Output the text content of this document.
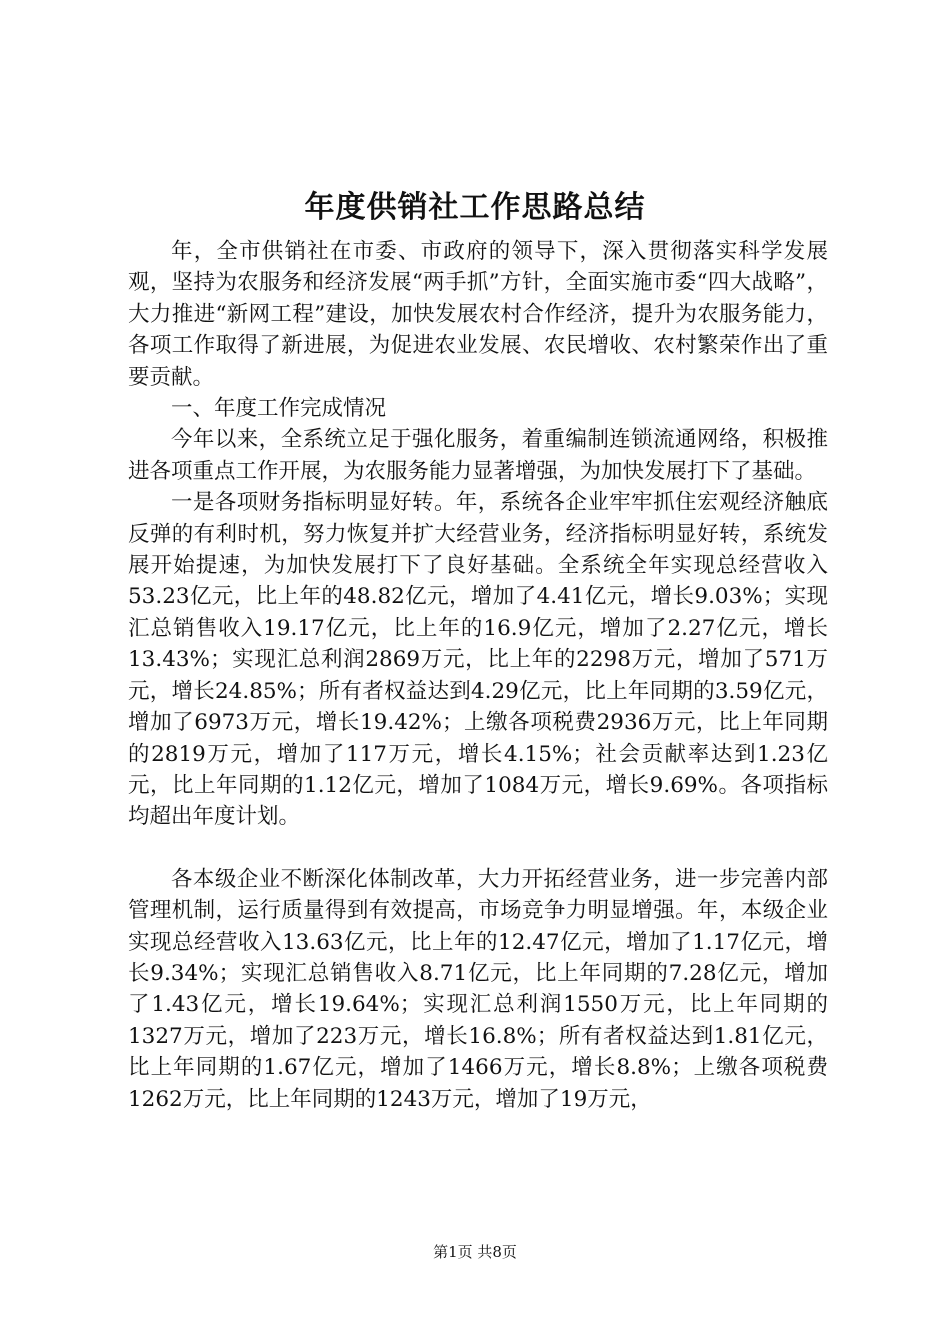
年度供销社工作思路总结

年，全市供销社在市委、市政府的领导下，深入贯彻落实科学发展观，坚持为农服务和经济发展“两手抓”方针，全面实施市委“四大战略”，大力推进“新网工程”建设，加快发展农村合作经济，提升为农服务能力，各项工作取得了新进展，为促进农业发展、农民增收、农村繁荣作出了重要贡献。

一、年度工作完成情况

今年以来，全系统立足于强化服务，着重编制连锁流通网络，积极推进各项重点工作开展，为农服务能力显著增强，为加快发展打下了基础。

一是各项财务指标明显好转。年，系统各企业牢牢抓住宏观经济触底反弹的有利时机，努力恢复并扩大经营业务，经济指标明显好转，系统发展开始提速，为加快发展打下了良好基础。全系统全年实现总经营收入53.23亿元，比上年的48.82亿元，增加了4.41亿元，增长9.03%；实现汇总销售收入19.17亿元，比上年的16.9亿元，增加了2.27亿元，增长13.43%；实现汇总利润2869万元，比上年的2298万元，增加了571万元，增长24.85%；所有者权益达到4.29亿元，比上年同期的3.59亿元，增加了6973万元，增长19.42%；上缴各项税费2936万元，比上年同期的2819万元，增加了117万元，增长4.15%；社会贡献率达到1.23亿元，比上年同期的1.12亿元，增加了1084万元，增长9.69%。各项指标均超出年度计划。

各本级企业不断深化体制改革，大力开拓经营业务，进一步完善内部管理机制，运行质量得到有效提高，市场竞争力明显增强。年，本级企业实现总经营收入13.63亿元，比上年的12.47亿元，增加了1.17亿元，增长9.34%；实现汇总销售收入8.71亿元，比上年同期的7.28亿元，增加了1.43亿元，增长19.64%；实现汇总利润1550万元，比上年同期的1327万元，增加了223万元，增长16.8%；所有者权益达到1.81亿元，比上年同期的1.67亿元，增加了1466万元，增长8.8%；上缴各项税费1262万元，比上年同期的1243万元，增加了19万元，

第1页 共8页
